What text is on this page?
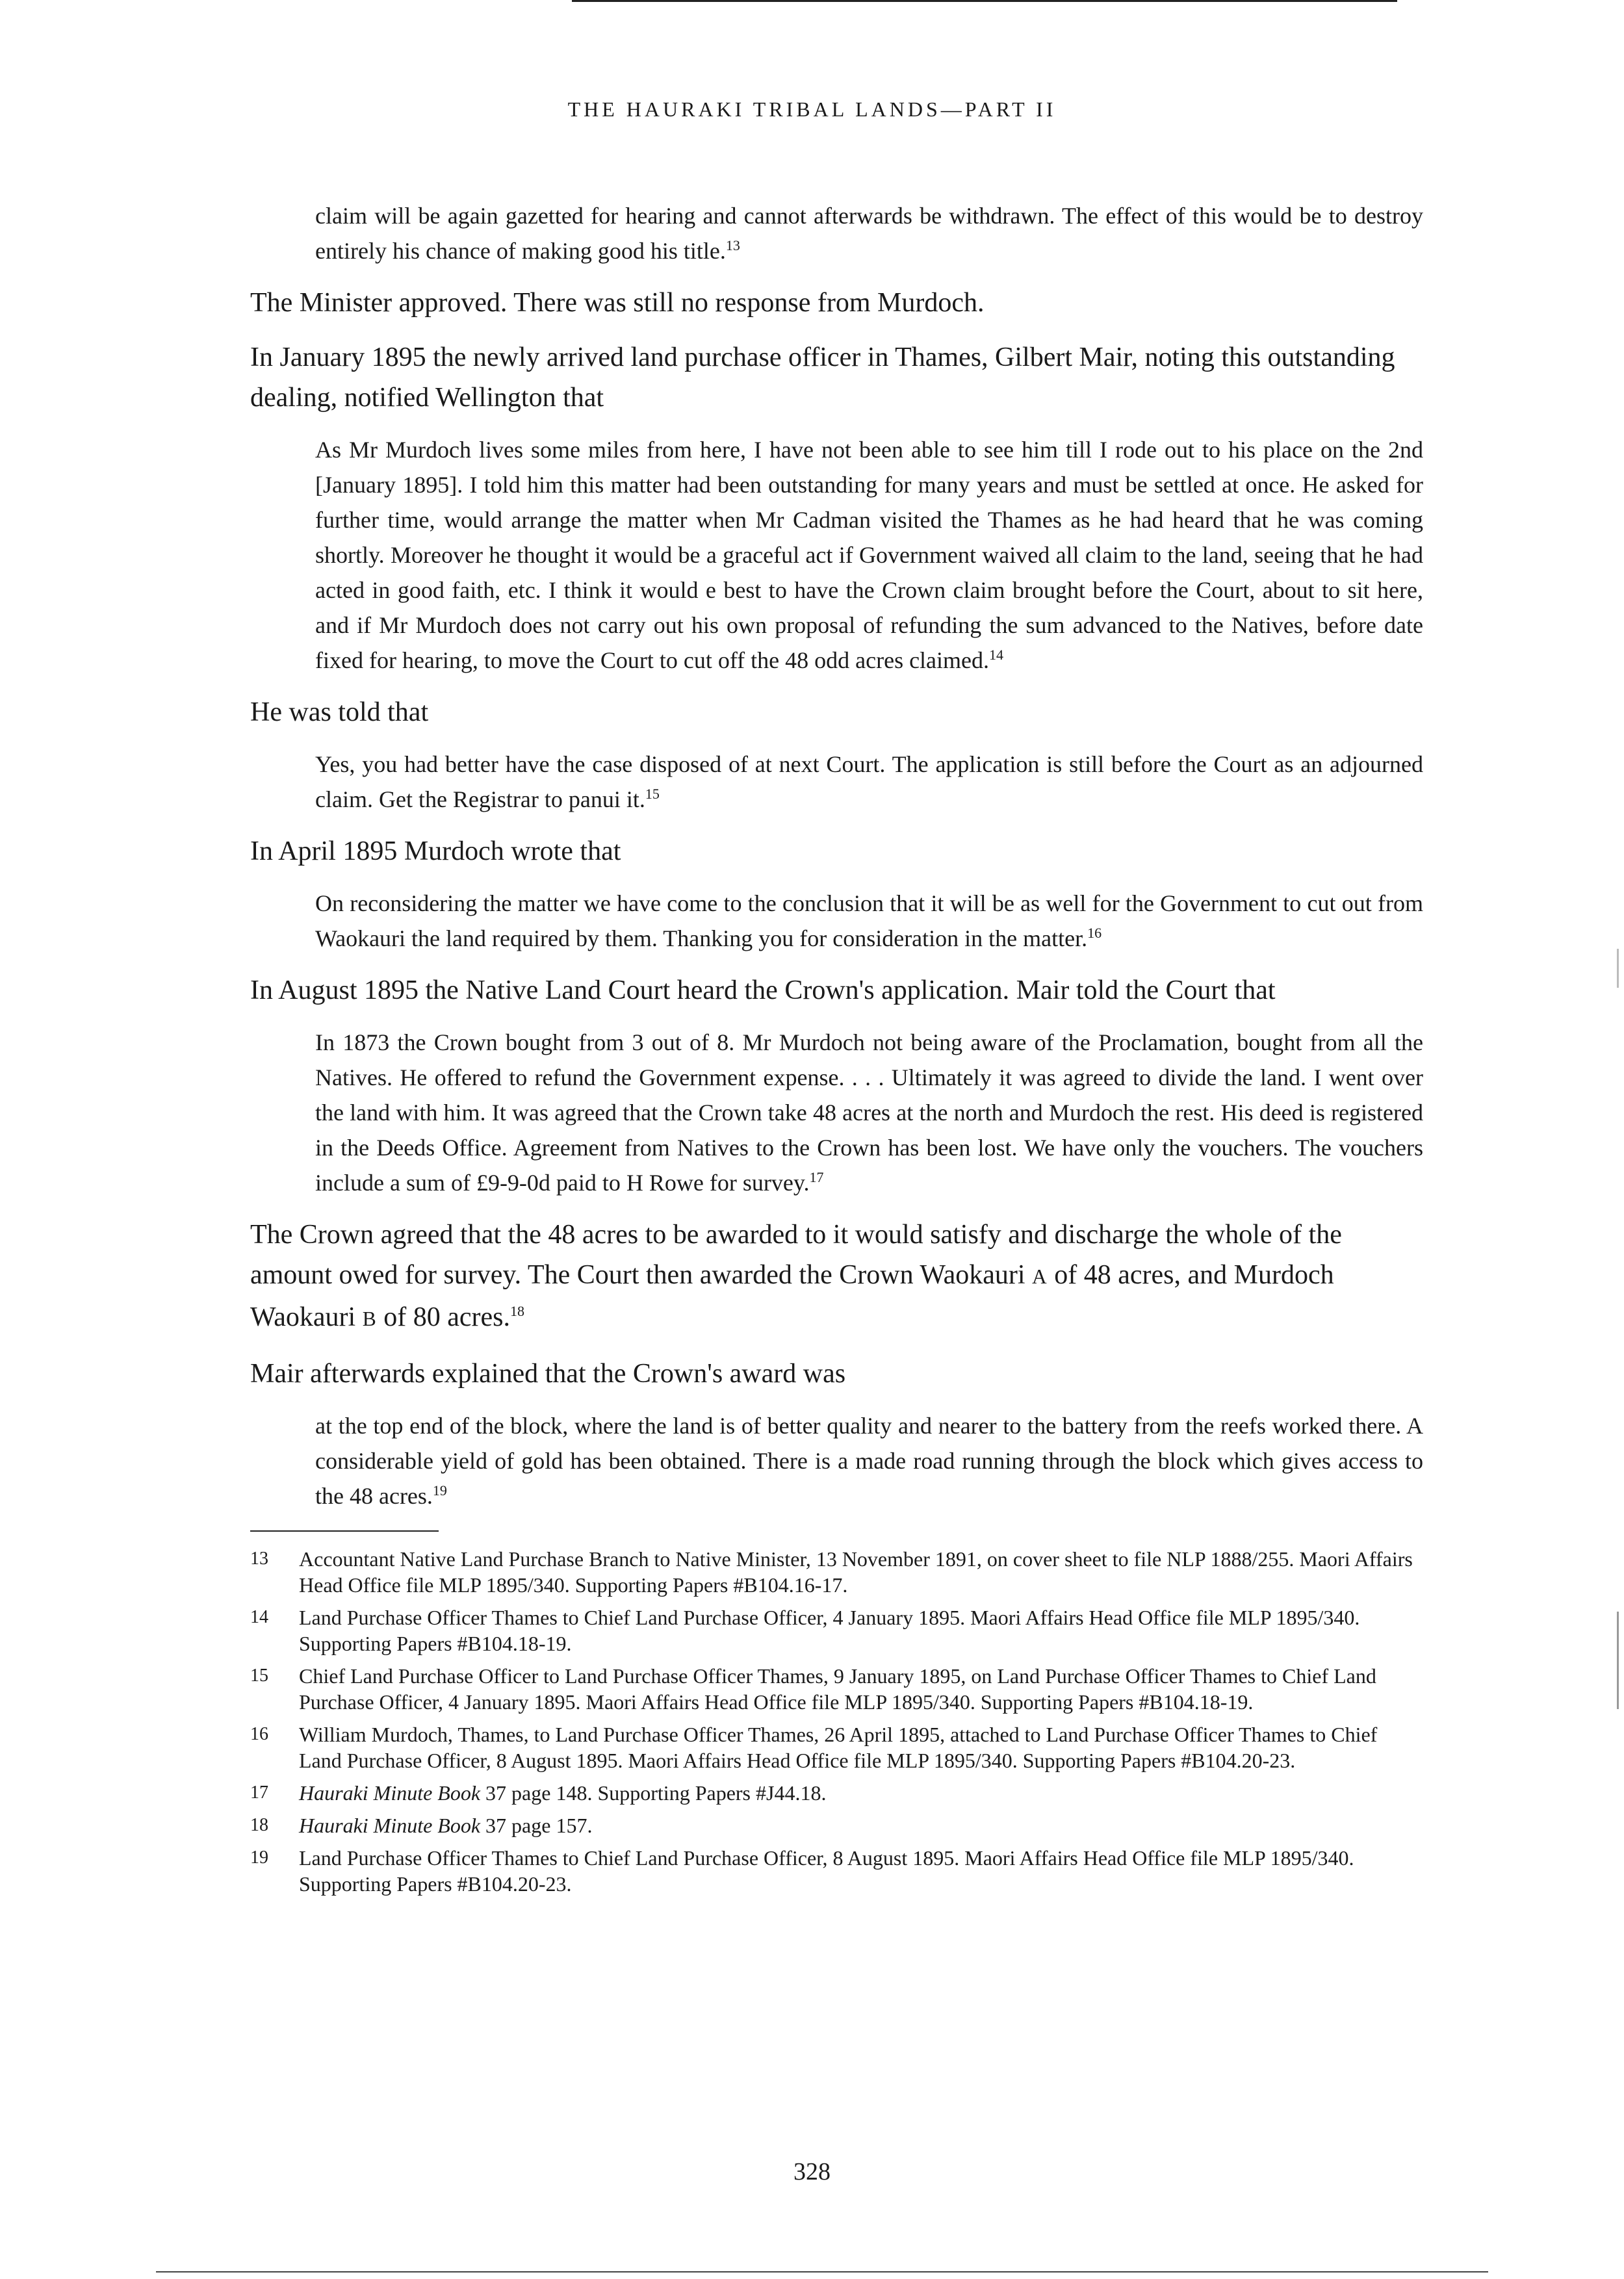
THE HAURAKI TRIBAL LANDS—PART II

claim will be again gazetted for hearing and cannot afterwards be withdrawn. The effect of this would be to destroy entirely his chance of making good his title.$^{13}$

The Minister approved. There was still no response from Murdoch.

In January 1895 the newly arrived land purchase officer in Thames, Gilbert Mair, noting this outstanding dealing, notified Wellington that

As Mr Murdoch lives some miles from here, I have not been able to see him till I rode out to his place on the 2nd [January 1895]. I told him this matter had been outstanding for many years and must be settled at once. He asked for further time, would arrange the matter when Mr Cadman visited the Thames as he had heard that he was coming shortly. Moreover he thought it would be a graceful act if Government waived all claim to the land, seeing that he had acted in good faith, etc. I think it would e best to have the Crown claim brought before the Court, about to sit here, and if Mr Murdoch does not carry out his own proposal of refunding the sum advanced to the Natives, before date fixed for hearing, to move the Court to cut off the 48 odd acres claimed.$^{14}$

He was told that

Yes, you had better have the case disposed of at next Court. The application is still before the Court as an adjourned claim. Get the Registrar to panui it.$^{15}$

In April 1895 Murdoch wrote that

On reconsidering the matter we have come to the conclusion that it will be as well for the Government to cut out from Waokauri the land required by them. Thanking you for consideration in the matter.$^{16}$

In August 1895 the Native Land Court heard the Crown's application. Mair told the Court that

In 1873 the Crown bought from 3 out of 8. Mr Murdoch not being aware of the Proclamation, bought from all the Natives. He offered to refund the Government expense. . . . Ultimately it was agreed to divide the land. I went over the land with him. It was agreed that the Crown take 48 acres at the north and Murdoch the rest. His deed is registered in the Deeds Office. Agreement from Natives to the Crown has been lost. We have only the vouchers. The vouchers include a sum of £9-9-0d paid to H Rowe for survey.$^{17}$

The Crown agreed that the 48 acres to be awarded to it would satisfy and discharge the whole of the amount owed for survey. The Court then awarded the Crown Waokauri A of 48 acres, and Murdoch Waokauri B of 80 acres.$^{18}$

Mair afterwards explained that the Crown's award was

at the top end of the block, where the land is of better quality and nearer to the battery from the reefs worked there. A considerable yield of gold has been obtained. There is a made road running through the block which gives access to the 48 acres.$^{19}$

13	Accountant Native Land Purchase Branch to Native Minister, 13 November 1891, on cover sheet to file NLP 1888/255. Maori Affairs Head Office file MLP 1895/340. Supporting Papers #B104.16-17.
14	Land Purchase Officer Thames to Chief Land Purchase Officer, 4 January 1895. Maori Affairs Head Office file MLP 1895/340. Supporting Papers #B104.18-19.
15	Chief Land Purchase Officer to Land Purchase Officer Thames, 9 January 1895, on Land Purchase Officer Thames to Chief Land Purchase Officer, 4 January 1895. Maori Affairs Head Office file MLP 1895/340. Supporting Papers #B104.18-19.
16	William Murdoch, Thames, to Land Purchase Officer Thames, 26 April 1895, attached to Land Purchase Officer Thames to Chief Land Purchase Officer, 8 August 1895. Maori Affairs Head Office file MLP 1895/340. Supporting Papers #B104.20-23.
17	Hauraki Minute Book 37 page 148. Supporting Papers #J44.18.
18	Hauraki Minute Book 37 page 157.
19	Land Purchase Officer Thames to Chief Land Purchase Officer, 8 August 1895. Maori Affairs Head Office file MLP 1895/340. Supporting Papers #B104.20-23.
328
